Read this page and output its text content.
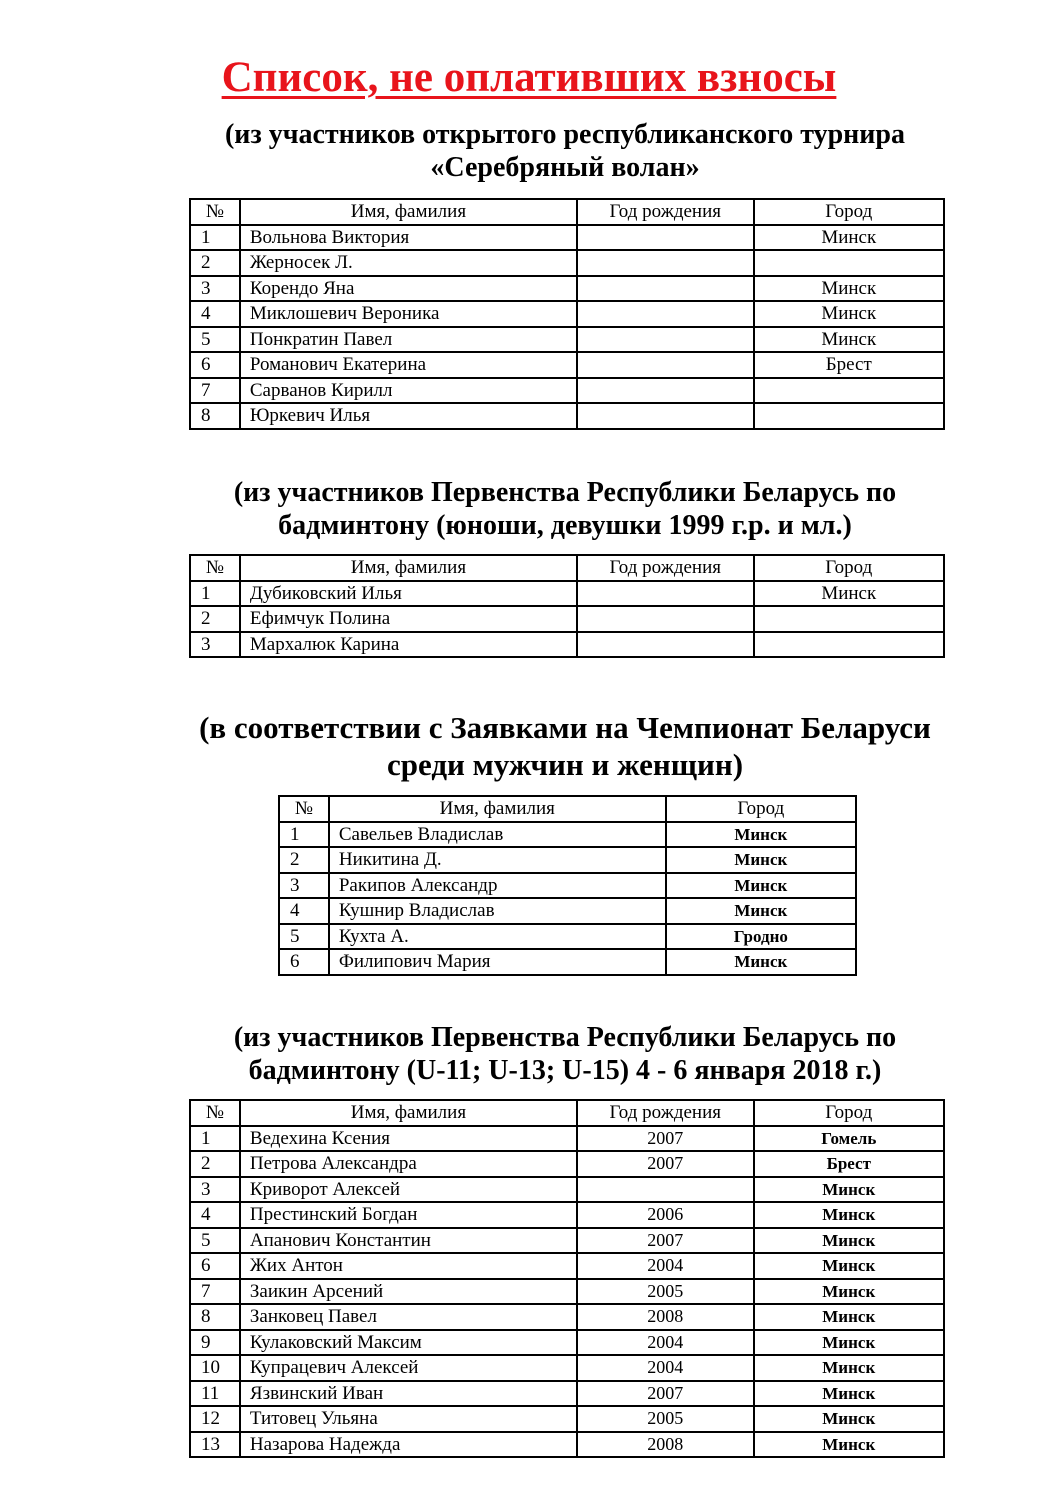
Список, не оплативших взносы
(из участников открытого республиканского турнира
«Серебряный волан»
№	Имя, фамилия	Год рождения	Город
1	Вольнова Виктория		Минск
2	Жерносек Л.		
3	Корендо Яна		Минск
4	Миклошевич Вероника		Минск
5	Понкратин Павел		Минск
6	Романович Екатерина		Брест
7	Сарванов Кирилл		
8	Юркевич Илья		
(из участников Первенства Республики Беларусь по
бадминтону (юноши, девушки 1999 г.р. и мл.)
№	Имя, фамилия	Год рождения	Город
1	Дубиковский Илья		Минск
2	Ефимчук Полина		
3	Мархалюк Карина		
(в соответствии с Заявками на Чемпионат Беларуси
среди мужчин и женщин)
№	Имя, фамилия	Город
1	Савельев Владислав	Минск
2	Никитина Д.	Минск
3	Ракипов Александр	Минск
4	Кушнир Владислав	Минск
5	Кухта А.	Гродно
6	Филипович Мария	Минск
(из участников Первенства Республики Беларусь по
бадминтону (U-11; U-13; U-15) 4 - 6 января 2018 г.)
№	Имя, фамилия	Год рождения	Город
1	Ведехина Ксения	2007	Гомель
2	Петрова Александра	2007	Брест
3	Криворот Алексей		Минск
4	Престинский Богдан	2006	Минск
5	Апанович Константин	2007	Минск
6	Жих Антон	2004	Минск
7	Заикин Арсений	2005	Минск
8	Занковец Павел	2008	Минск
9	Кулаковский Максим	2004	Минск
10	Купрацевич Алексей	2004	Минск
11	Язвинский Иван	2007	Минск
12	Титовец Ульяна	2005	Минск
13	Назарова Надежда	2008	Минск
